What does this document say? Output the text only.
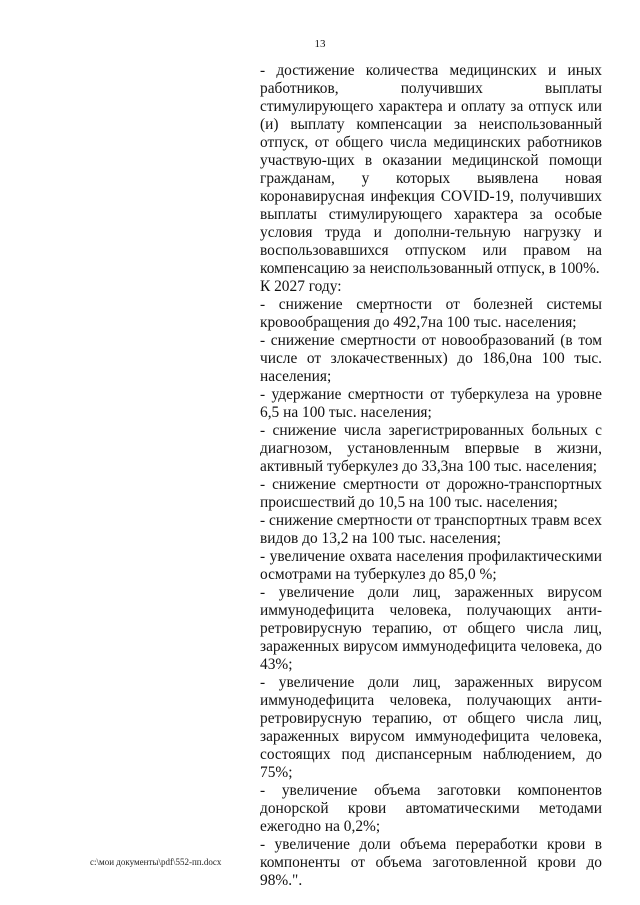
13

- достижение количества медицинских и иных работников, получивших выплаты стимулирующего характера и оплату за отпуск или (и) выплату компенсации за неиспользованный отпуск, от общего числа медицинских работников участвую-щих в оказании медицинской помощи гражданам, у которых выявлена новая коронавирусная инфекция COVID-19, получивших выплаты стимулирующего характера за особые условия труда и дополни-тельную нагрузку и воспользовавшихся отпуском или правом на компенсацию за неиспользованный отпуск, в 100%.

К 2027 году:

- снижение смертности от болезней системы кровообращения до 492,7на 100 тыс. населения;

- снижение смертности от новообразований (в том числе от злокачественных) до 186,0на 100 тыс. населения;

- удержание смертности от туберкулеза на уровне 6,5 на 100 тыс. населения;

- снижение числа зарегистрированных больных с диагнозом, установленным впервые в жизни, активный туберкулез до 33,3на 100 тыс. населения;

- снижение смертности от дорожно-транспортных происшествий до 10,5 на 100 тыс. населения;

- снижение смертности от транспортных травм всех видов до 13,2 на 100 тыс. населения;

- увеличение охвата населения профилактическими осмотрами на туберкулез до 85,0 %;

- увеличение доли лиц, зараженных вирусом иммунодефицита человека, получающих анти-ретровирусную терапию, от общего числа лиц, зараженных вирусом иммунодефицита человека, до 43%;

- увеличение доли лиц, зараженных вирусом иммунодефицита человека, получающих анти-ретровирусную терапию, от общего числа лиц, зараженных вирусом иммунодефицита человека, состоящих под диспансерным наблюдением, до 75%;

- увеличение объема заготовки компонентов донорской крови автоматическими методами ежегодно на 0,2%;

- увеличение доли объема переработки крови в компоненты от объема заготовленной крови до 98%.".

c:\мои документы\pdf\552-пп.docx
